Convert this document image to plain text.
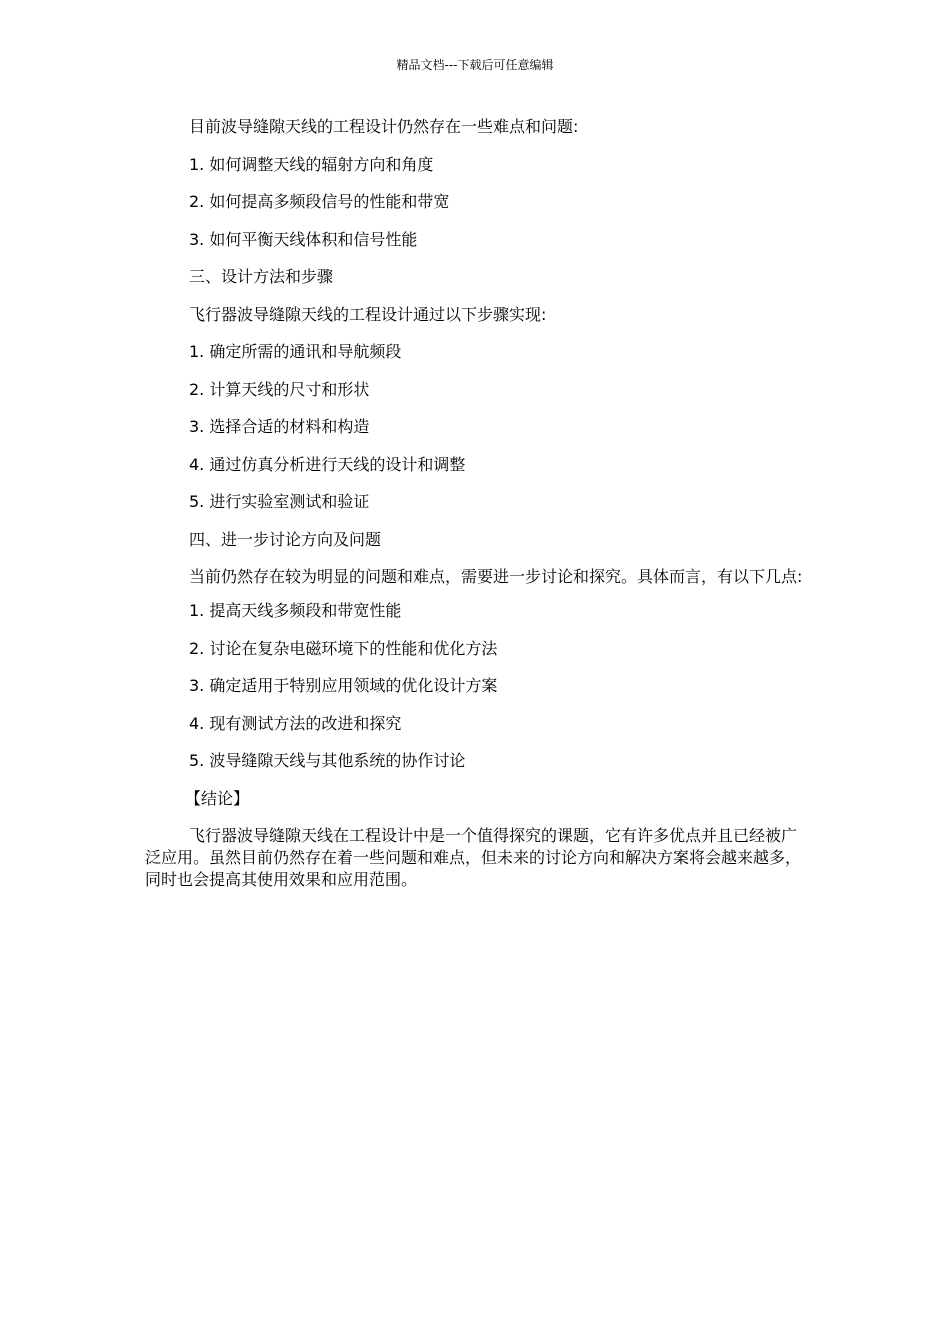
精品文档---下载后可任意编辑

目前波导缝隙天线的工程设计仍然存在一些难点和问题:

1. 如何调整天线的辐射方向和角度

2. 如何提高多频段信号的性能和带宽

3. 如何平衡天线体积和信号性能

三、设计方法和步骤

飞行器波导缝隙天线的工程设计通过以下步骤实现:

1. 确定所需的通讯和导航频段

2. 计算天线的尺寸和形状

3. 选择合适的材料和构造

4. 通过仿真分析进行天线的设计和调整

5. 进行实验室测试和验证

四、进一步讨论方向及问题

当前仍然存在较为明显的问题和难点，需要进一步讨论和探究。具体而言，有以下几点:

1. 提高天线多频段和带宽性能

2. 讨论在复杂电磁环境下的性能和优化方法

3. 确定适用于特别应用领域的优化设计方案

4. 现有测试方法的改进和探究

5. 波导缝隙天线与其他系统的协作讨论

【结论】

飞行器波导缝隙天线在工程设计中是一个值得探究的课题，它有许多优点并且已经被广泛应用。虽然目前仍然存在着一些问题和难点，但未来的讨论方向和解决方案将会越来越多，同时也会提高其使用效果和应用范围。
